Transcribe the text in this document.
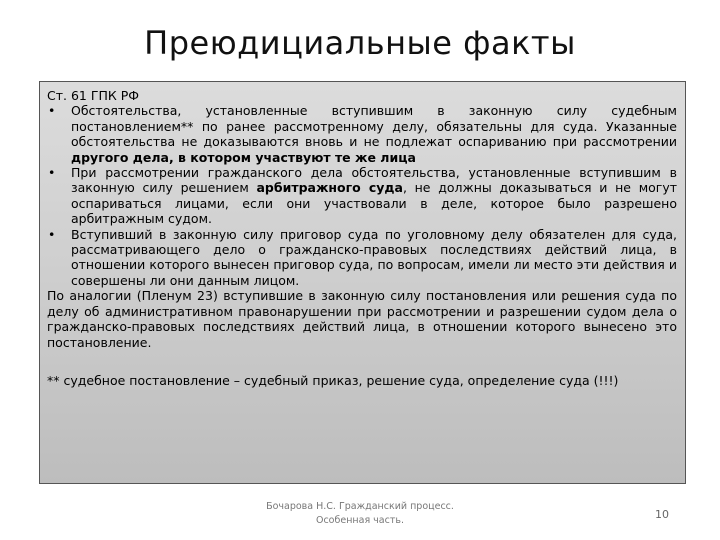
Преюдициальные факты

Ст. 61 ГПК РФ

• Обстоятельства, установленные вступившим в законную силу судебным постановлением** по ранее рассмотренному делу, обязательны для суда. Указанные обстоятельства не доказываются вновь и не подлежат оспариванию при рассмотрении другого дела, в котором участвуют те же лица

• При рассмотрении гражданского дела обстоятельства, установленные вступившим в законную силу решением арбитражного суда, не должны доказываться и не могут оспариваться лицами, если они участвовали в деле, которое было разрешено арбитражным судом.

• Вступивший в законную силу приговор суда по уголовному делу обязателен для суда, рассматривающего дело о гражданско-правовых последствиях действий лица, в отношении которого вынесен приговор суда, по вопросам, имели ли место эти действия и совершены ли они данным лицом.

По аналогии (Пленум 23) вступившие в законную силу постановления или решения суда по делу об административном правонарушении при рассмотрении и разрешении судом дела о гражданско-правовых последствиях действий лица, в отношении которого вынесено это постановление.

** судебное постановление – судебный приказ, решение суда, определение суда (!!!)

Бочарова Н.С. Гражданский процесс.
Особенная часть.	10
